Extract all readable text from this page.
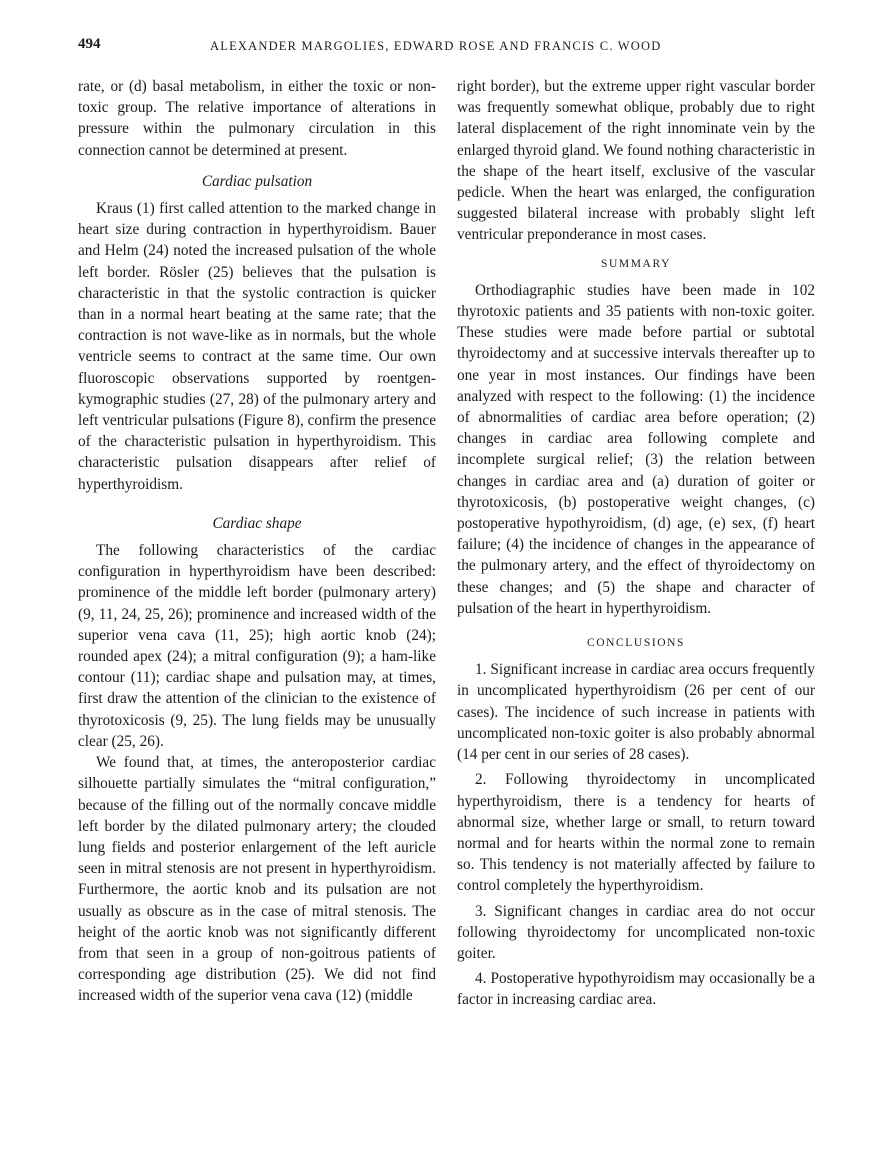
494	ALEXANDER MARGOLIES, EDWARD ROSE AND FRANCIS C. WOOD

rate, or (d) basal metabolism, in either the toxic or non-toxic group. The relative importance of alterations in pressure within the pulmonary circulation in this connection cannot be determined at present.

Cardiac pulsation

Kraus (1) first called attention to the marked change in heart size during contraction in hyperthyroidism. Bauer and Helm (24) noted the increased pulsation of the whole left border. Rösler (25) believes that the pulsation is characteristic in that the systolic contraction is quicker than in a normal heart beating at the same rate; that the contraction is not wave-like as in normals, but the whole ventricle seems to contract at the same time. Our own fluoroscopic observations supported by roentgen-kymographic studies (27, 28) of the pulmonary artery and left ventricular pulsations (Figure 8), confirm the presence of the characteristic pulsation in hyperthyroidism. This characteristic pulsation disappears after relief of hyperthyroidism.

Cardiac shape

The following characteristics of the cardiac configuration in hyperthyroidism have been described: prominence of the middle left border (pulmonary artery) (9, 11, 24, 25, 26); prominence and increased width of the superior vena cava (11, 25); high aortic knob (24); rounded apex (24); a mitral configuration (9); a ham-like contour (11); cardiac shape and pulsation may, at times, first draw the attention of the clinician to the existence of thyrotoxicosis (9, 25). The lung fields may be unusually clear (25, 26).

We found that, at times, the anteroposterior cardiac silhouette partially simulates the “mitral configuration,” because of the filling out of the normally concave middle left border by the dilated pulmonary artery; the clouded lung fields and posterior enlargement of the left auricle seen in mitral stenosis are not present in hyperthyroidism. Furthermore, the aortic knob and its pulsation are not usually as obscure as in the case of mitral stenosis. The height of the aortic knob was not significantly different from that seen in a group of non-goitrous patients of corresponding age distribution (25). We did not find increased width of the superior vena cava (12) (middle

right border), but the extreme upper right vascular border was frequently somewhat oblique, probably due to right lateral displacement of the right innominate vein by the enlarged thyroid gland. We found nothing characteristic in the shape of the heart itself, exclusive of the vascular pedicle. When the heart was enlarged, the configuration suggested bilateral increase with probably slight left ventricular preponderance in most cases.

SUMMARY

Orthodiagraphic studies have been made in 102 thyrotoxic patients and 35 patients with non-toxic goiter. These studies were made before partial or subtotal thyroidectomy and at successive intervals thereafter up to one year in most instances. Our findings have been analyzed with respect to the following: (1) the incidence of abnormalities of cardiac area before operation; (2) changes in cardiac area following complete and incomplete surgical relief; (3) the relation between changes in cardiac area and (a) duration of goiter or thyrotoxicosis, (b) postoperative weight changes, (c) postoperative hypothyroidism, (d) age, (e) sex, (f) heart failure; (4) the incidence of changes in the appearance of the pulmonary artery, and the effect of thyroidectomy on these changes; and (5) the shape and character of pulsation of the heart in hyperthyroidism.

CONCLUSIONS

1. Significant increase in cardiac area occurs frequently in uncomplicated hyperthyroidism (26 per cent of our cases). The incidence of such increase in patients with uncomplicated non-toxic goiter is also probably abnormal (14 per cent in our series of 28 cases).

2. Following thyroidectomy in uncomplicated hyperthyroidism, there is a tendency for hearts of abnormal size, whether large or small, to return toward normal and for hearts within the normal zone to remain so. This tendency is not materially affected by failure to control completely the hyperthyroidism.

3. Significant changes in cardiac area do not occur following thyroidectomy for uncomplicated non-toxic goiter.

4. Postoperative hypothyroidism may occasionally be a factor in increasing cardiac area.
